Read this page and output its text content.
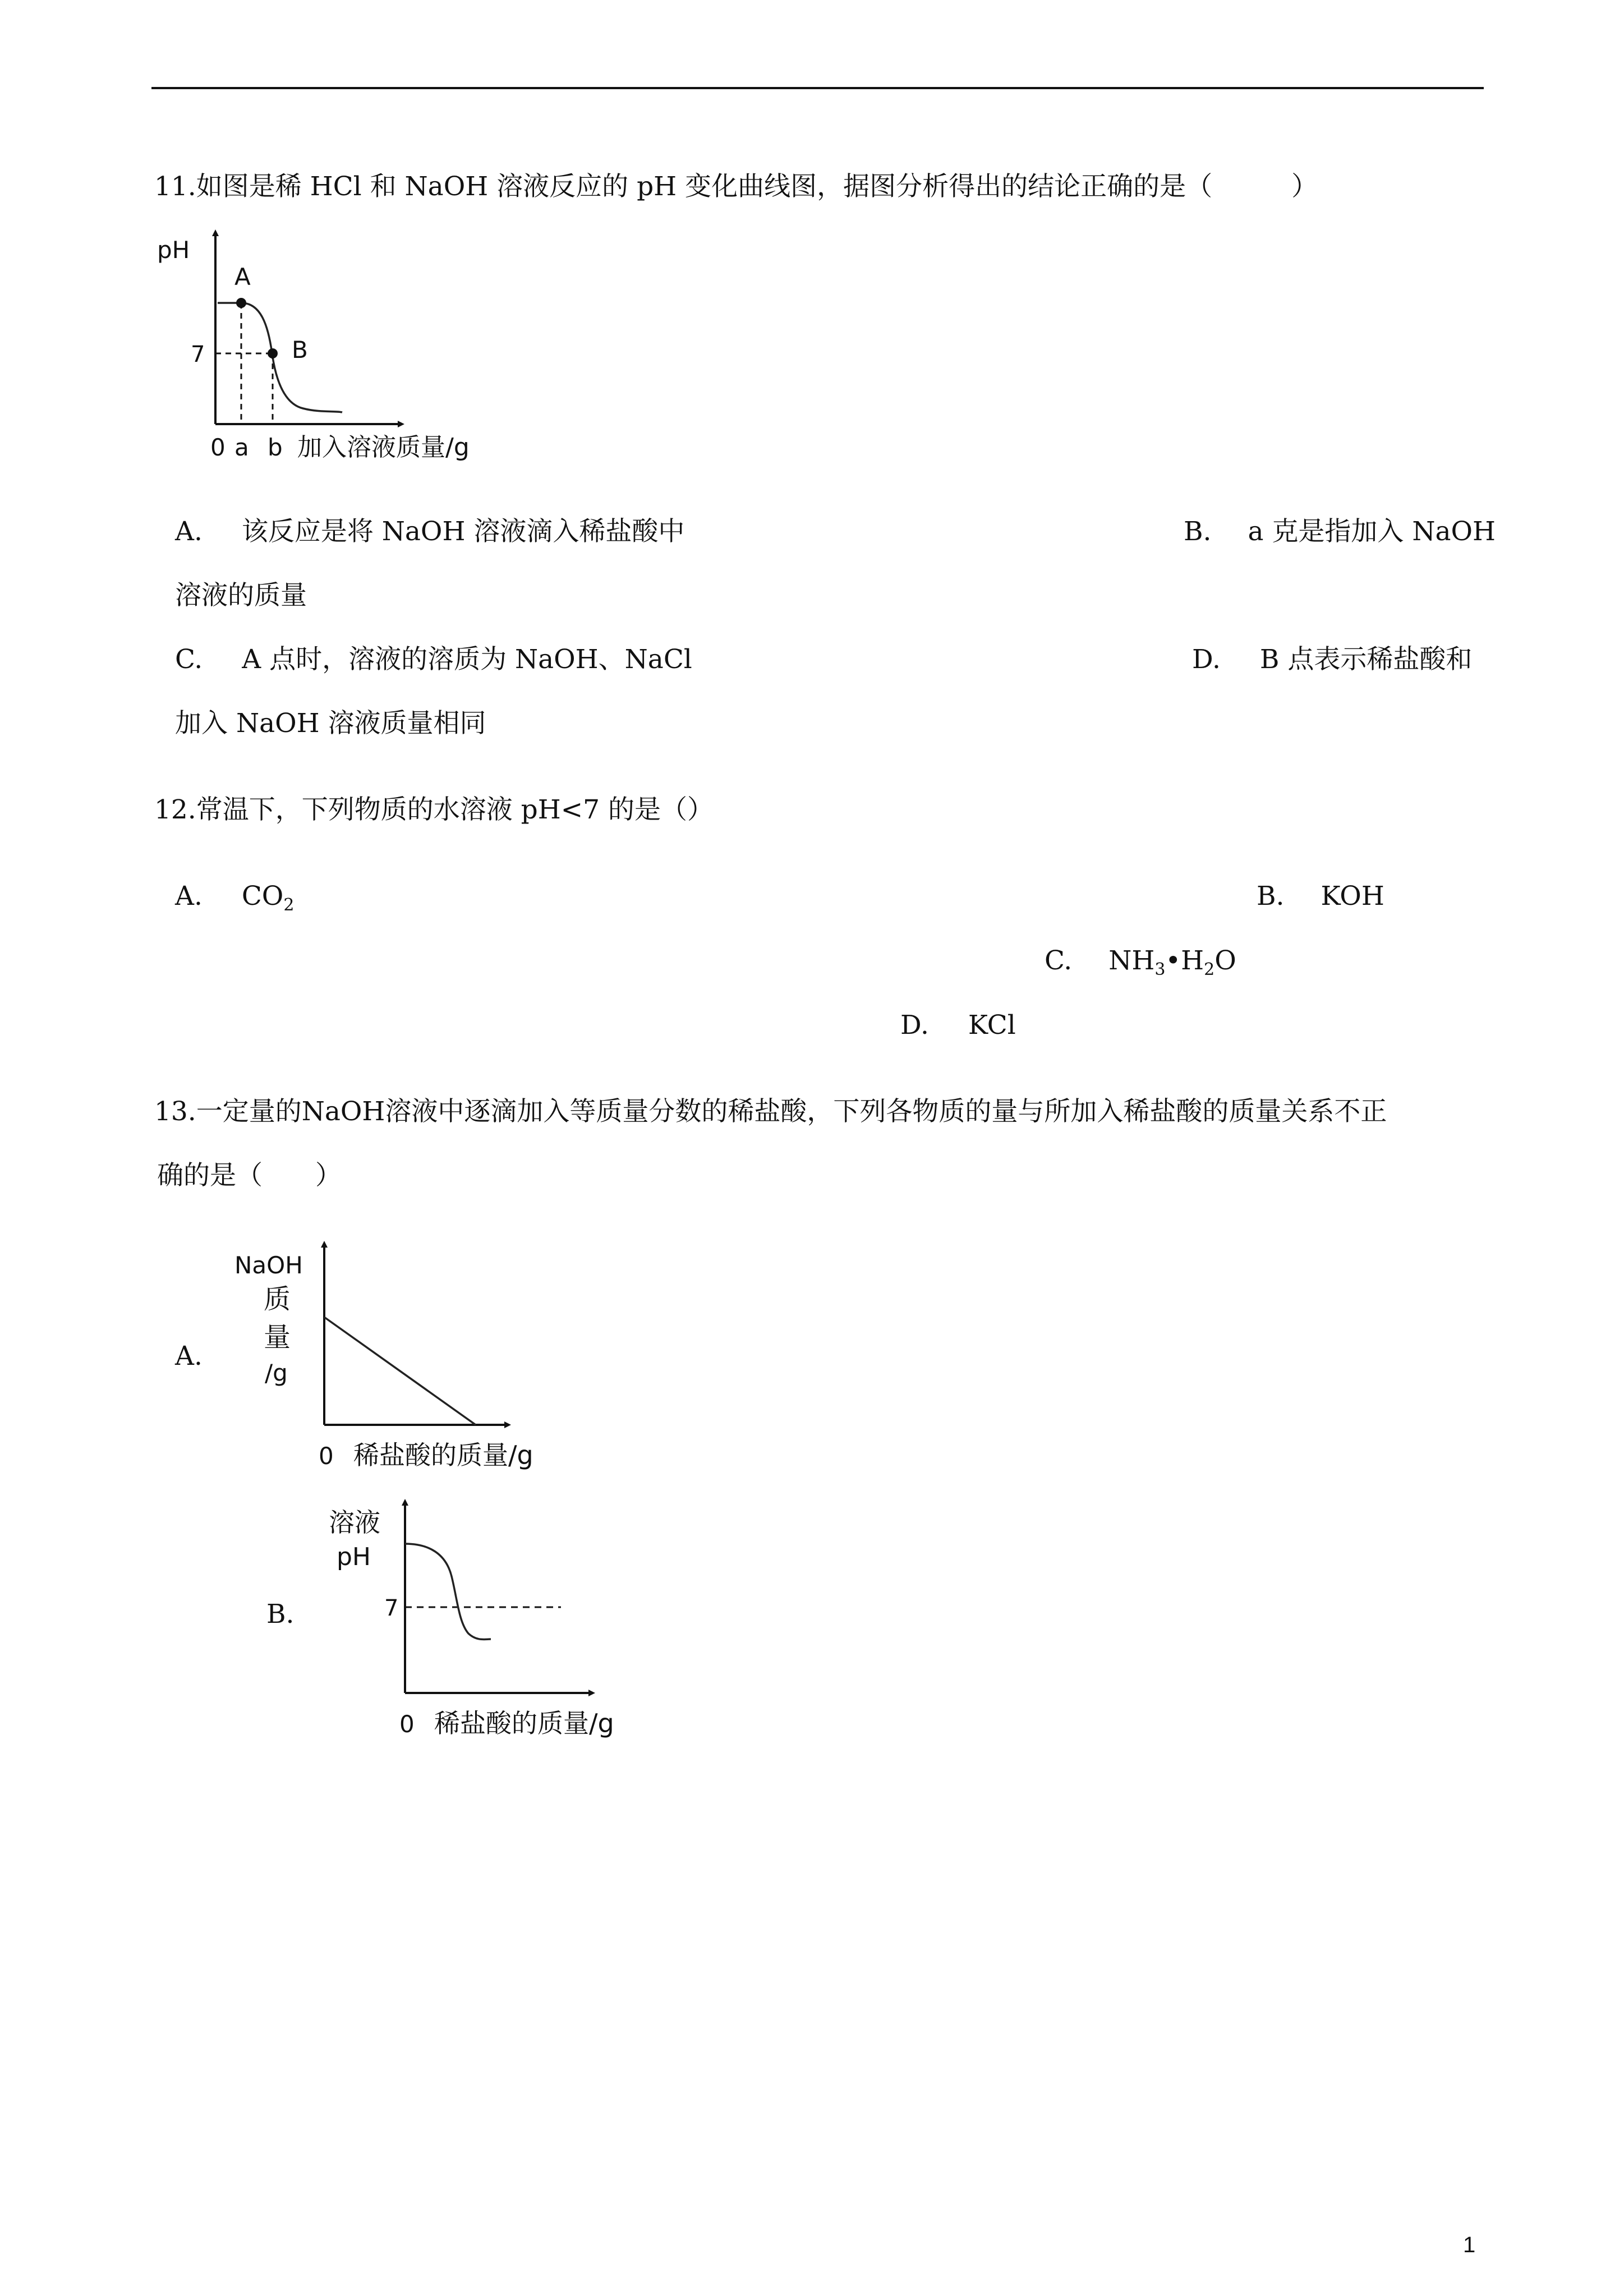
11.如图是稀 HCl 和 NaOH 溶液反应的 pH 变化曲线图，据图分析得出的结论正确的是（　　　）
pH
7
A
B
0 a b 加入溶液质量/g
A. 该反应是将 NaOH 溶液滴入稀盐酸中	B. a 克是指加入 NaOH
溶液的质量
C. A 点时，溶液的溶质为 NaOH、NaCl	D. B 点表示稀盐酸和
加入 NaOH 溶液质量相同
12.常温下，下列物质的水溶液 pH<7 的是（）
A. $CO_2$	B. KOH
C. $NH_3•H_2O$
D. KCl
13.一定量的NaOH溶液中逐滴加入等质量分数的稀盐酸，下列各物质的量与所加入稀盐酸的质量关系不正
确的是（　　）
A.
NaOH
质
量
/g
0 稀盐酸的质量/g
B.
溶液
pH
7
0 稀盐酸的质量/g
1
